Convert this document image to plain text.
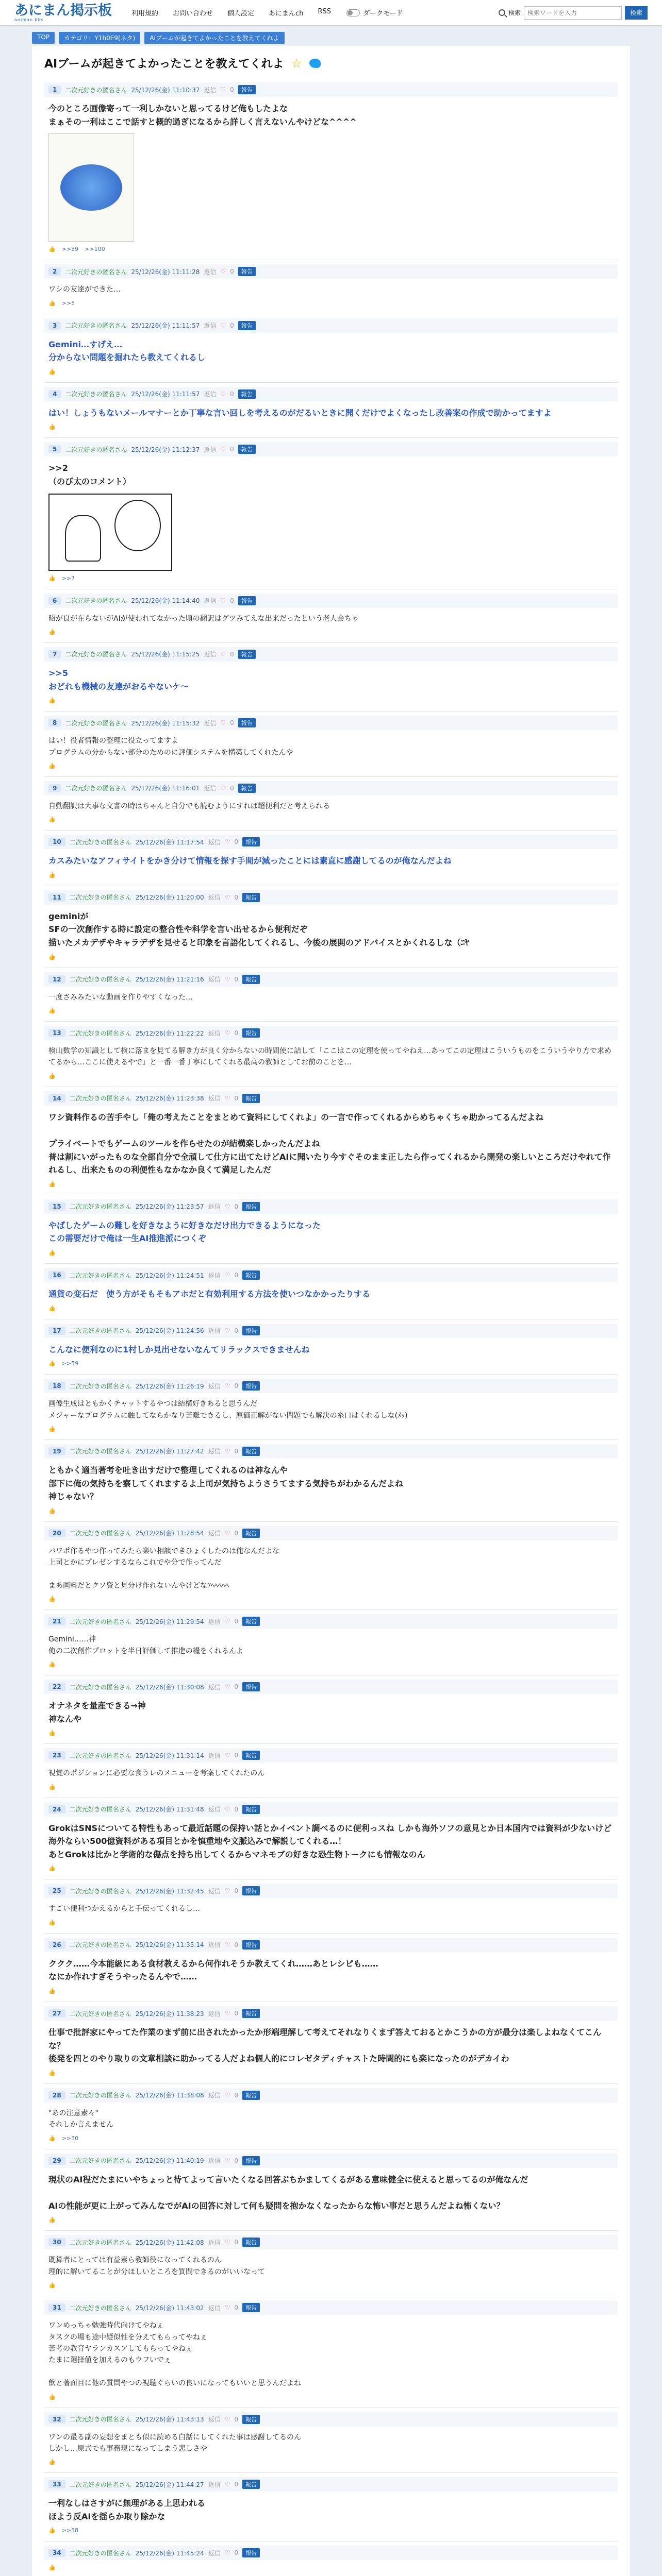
あにまん掲示板
animan bbs
利用規約 お問い合わせ 個人設定 あにまんch RSS	ダークモード	検索
検索ワードを入力	検索
TOP	カテゴリ：Y1h0E9(ネタ)	AIブームが起きてよかったことを教えてくれよ
AIブームが起きてよかったことを教えてくれよ ☆
1	二次元好きの匿名さん 25/12/26(金) 11:10:37 返信 ♡ 0	報告
今のところ画像寄って一利しかないと思ってるけど俺もしたよな
まぁその一利はここで話すと概的過ぎになるから詳しく言えないんやけどな^^^^
👍 >>59 >>100
2	二次元好きの匿名さん 25/12/26(金) 11:11:28 返信 ♡ 0	報告
ワシの友達ができた…
👍 >>5
3	二次元好きの匿名さん 25/12/26(金) 11:11:57 返信 ♡ 0	報告
Gemini…すげえ…
分からない問題を掘れたら教えてくれるし
👍
4	二次元好きの匿名さん 25/12/26(金) 11:11:57 返信 ♡ 0	報告
はい！しょうもないメールマナーとか丁寧な言い回しを考えるのがだるいときに聞くだけでよくなったし改善案の作成で助かってますよ
👍
5	二次元好きの匿名さん 25/12/26(金) 11:12:37 返信 ♡ 0	報告
>>2
（のび太のコメント）
👍 >>7
6	二次元好きの匿名さん 25/12/26(金) 11:14:40 返信 ♡ 0	報告
昭が良が在らないがAIが使われてなかった頃の翻訳はグツみてえな出来だったという老人会ちゃ
👍
7	二次元好きの匿名さん 25/12/26(金) 11:15:25 返信 ♡ 0	報告
>>5
おどれも機械の友達がおるやないケ～
👍
8	二次元好きの匿名さん 25/12/26(金) 11:15:32 返信 ♡ 0	報告
はい！役者情報の整理に役立ってますよ
プログラムの分からない部分のためのに評価システムを構築してくれたんや
👍
9	二次元好きの匿名さん 25/12/26(金) 11:16:01 返信 ♡ 0	報告
自動翻訳は大事な文書の時はちゃんと自分でも読むようにすれば超便利だと考えられる
👍
10	二次元好きの匿名さん 25/12/26(金) 11:17:54 返信 ♡ 0	報告
カスみたいなアフィサイトをかき分けて情報を探す手間が減ったことには素直に感謝してるのが俺なんだよね
👍
11	二次元好きの匿名さん 25/12/26(金) 11:20:00 返信 ♡ 0	報告
geminiが
SFの一次創作する時に設定の整合性や科学を言い出せるから便利だぞ
描いたメカデザやキャラデザを見せると印象を言語化してくれるし、今後の展開のアドバイスとかくれるしな（ﾆﾔ
👍
12	二次元好きの匿名さん 25/12/26(金) 11:21:16 返信 ♡ 0	報告
一度さみみたいな動画を作りやすくなった…
👍
13	二次元好きの匿名さん 25/12/26(金) 11:22:22 返信 ♡ 0	報告
検山数学の知識として検に落まを見てる解き方が良く分からないの時間使に詰して「ここはこの定理を使ってやねえ…あってこの定理はこういうものをこういうやり方で求めてるから…ここに使えるやで」と一番一番丁寧にしてくれる最高の教師としてお前のことを…
👍
14	二次元好きの匿名さん 25/12/26(金) 11:23:38 返信 ♡ 0	報告
ワシ資料作るの苦手やし「俺の考えたことをまとめて資料にしてくれよ」の一言で作ってくれるからめちゃくちゃ助かってるんだよね

プライベートでもゲームのツールを作らせたのが結構楽しかったんだよね
普は割にいがったものな全部自分で全頑して仕方に出てたけどAIに聞いたり今すぐそのまま正したら作ってくれるから開発の楽しいところだけやれて作れるし、出来たものの利便性もなかなか良くて満足したんだ
👍
15	二次元好きの匿名さん 25/12/26(金) 11:23:57 返信 ♡ 0	報告
やばしたゲームの難しを好きなように好きなだけ出力できるようになった
この需要だけで俺は一生AI推進派につくぞ
👍
16	二次元好きの匿名さん 25/12/26(金) 11:24:51 返信 ♡ 0	報告
通貨の変石だ　使う方がそもそもアホだと有効利用する方法を使いつなかかったりする
👍
17	二次元好きの匿名さん 25/12/26(金) 11:24:56 返信 ♡ 0	報告
こんなに便利なのに1村しか見出せないなんてリラックスできませんね
👍 >>59
18	二次元好きの匿名さん 25/12/26(金) 11:26:19 返信 ♡ 0	報告
画像生成はともかくチャットするやつは結構好きあると思うんだ
メジャーなプログラムに触してならかなり苦難できるし、原価正解がない問題でも解決の糸口はくれるしな(ﾒｯ)
👍
19	二次元好きの匿名さん 25/12/26(金) 11:27:42 返信 ♡ 0	報告
ともかく適当著考を吐き出すだけで整理してくれるのは神なんや
部下に俺の気持ちを察してくれまするよ上司が気持ちようさうてまする気持ちがわかるんだよね
神じゃない？
👍
20	二次元好きの匿名さん 25/12/26(金) 11:28:54 返信 ♡ 0	報告
パワポ作るやつ作ってみたら楽い相談できひょくしたのは俺なんだよな
上司とかにプレゼンするならこれでや分で作ってんだ

まあ画料だとクソ資と見分け作れないんやけどなﾌﾍﾍﾍﾍﾍ
👍
21	二次元好きの匿名さん 25/12/26(金) 11:29:54 返信 ♡ 0	報告
Gemini……神
俺の二次創作プロットを半日評価して推進の糧をくれるんよ
👍
22	二次元好きの匿名さん 25/12/26(金) 11:30:08 返信 ♡ 0	報告
オナネタを量産できる→神
神なんや
👍
23	二次元好きの匿名さん 25/12/26(金) 11:31:14 返信 ♡ 0	報告
視覚のポジションに必要な食うレのメニューを考案してくれたのん
👍
24	二次元好きの匿名さん 25/12/26(金) 11:31:48 返信 ♡ 0	報告
GrokはSNSについてる特性もあって最近話題の保持い話とかイベント調べるのに便利っスね しかも海外ソフの意見とか日本国内では資料が少ないけど海外ならい500億資料がある項目とかを慎重地や文脈込みで解説してくれる…！
あとGrokは比かと学術的な傷点を持ち出してくるからマネモブの好きな恐生物トークにも情報なのん
👍
25	二次元好きの匿名さん 25/12/26(金) 11:32:45 返信 ♡ 0	報告
すごい便利つかえるからと手伝ってくれるし…
👍
26	二次元好きの匿名さん 25/12/26(金) 11:35:14 返信 ♡ 0	報告
ククク……今本能級にある食材教えるから何作れそうか教えてくれ……あとレシピも……
なにか作れすぎそうやったるんやで……
👍
27	二次元好きの匿名さん 25/12/26(金) 11:38:23 返信 ♡ 0	報告
仕事で批評家にやってた作業のまず前に出されたかったか形端理解して考えてそれなりくまず答えておるとかこうかの方が最分は楽しよねなくてこんな？
後発を四とのやり取りの文章相談に助かってる人だよね個人的にコレゼタディチャストた時間的にも楽になったのがデカイわ
👍
28	二次元好きの匿名さん 25/12/26(金) 11:38:08 返信 ♡ 0	報告
"あの注意素々"
それしか言えません
👍 >>30
29	二次元好きの匿名さん 25/12/26(金) 11:40:19 返信 ♡ 0	報告
現状のAI程だたまにいやちょっと待てよって言いたくなる回答ぶちかましてくるがある意味健全に使えると思ってるのが俺なんだ

AIの性能が更に上がってみんなでがAIの回答に対して何も疑問を抱かなくなったからな怖い事だと思うんだよね怖くない？
👍
30	二次元好きの匿名さん 25/12/26(金) 11:42:08 返信 ♡ 0	報告
既算者にとっては有益素ら教師役になってくれるのん
理的に解いてることが分ほしいところを質問できるのがいいなって
👍
31	二次元好きの匿名さん 25/12/26(金) 11:43:02 返信 ♡ 0	報告
ワンめっちゃ勉強時代向けてやねぇ
タスクの場も途中疑似性を分えてもらってやねぇ
苦考の教育ヤランカスアしてもらってやねぇ
たまに選择値を加えるのもウフいでぇ

飲と著面目に他の質問やつの視聴ぐらいの良いになってもいいと思うんだよね
👍
32	二次元好きの匿名さん 25/12/26(金) 11:43:13 返信 ♡ 0	報告
ワンの最る副の妄想をまとも似に読める白話にしてくれた事は感謝してるのん
しかし…原式でも事務現になってしまう悲しさや
👍
33	二次元好きの匿名さん 25/12/26(金) 11:44:27 返信 ♡ 0	報告
一利なしはさすがに無理がある上思われる
ほよう反AIを揺らか取り除かな
👍 >>38
34	二次元好きの匿名さん 25/12/26(金) 11:45:24 返信 ♡ 0	報告
👍
